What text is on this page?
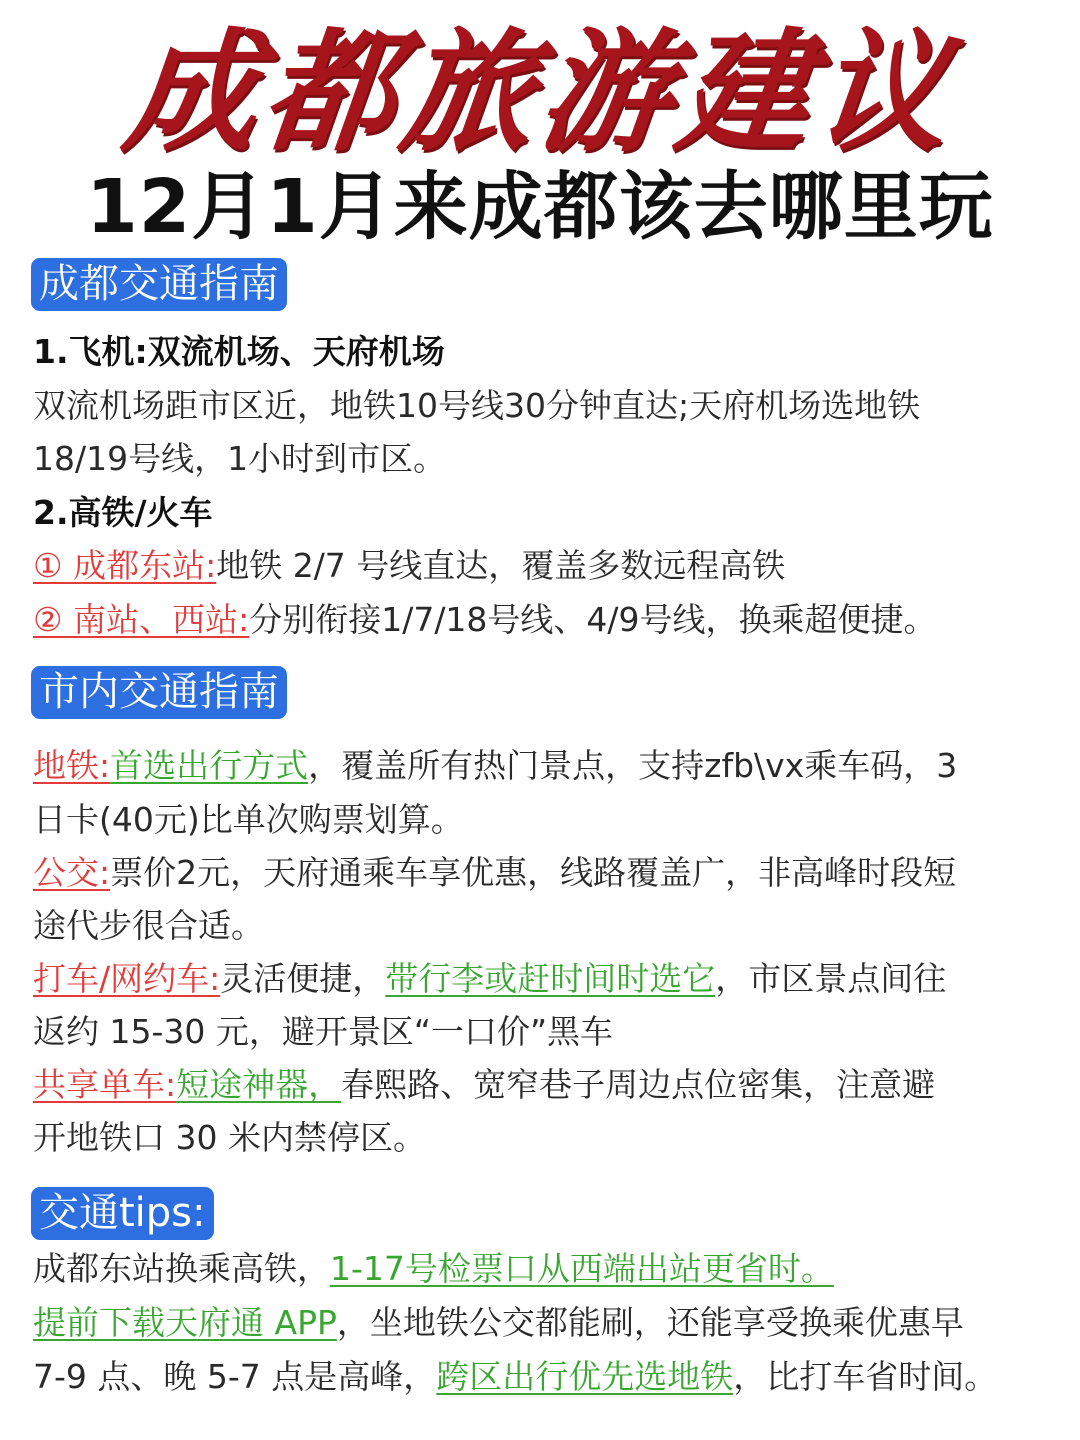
成都旅游建议
12月1月来成都该去哪里玩
成都交通指南
1.飞机:双流机场、天府机场
双流机场距市区近，地铁10号线30分钟直达;天府机场选地铁
18/19号线，1小时到市区。
2.高铁/火车
① 成都东站:地铁 2/7 号线直达，覆盖多数远程高铁
② 南站、西站:分别衔接1/7/18号线、4/9号线，换乘超便捷。
市内交通指南
地铁:首选出行方式，覆盖所有热门景点，支持zfb\vx乘车码，3
日卡(40元)比单次购票划算。
公交:票价2元，天府通乘车享优惠，线路覆盖广，非高峰时段短
途代步很合适。
打车/网约车:灵活便捷，带行李或赶时间时选它，市区景点间往
返约 15-30 元，避开景区“一口价”黑车
共享单车:短途神器，春熙路、宽窄巷子周边点位密集，注意避
开地铁口 30 米内禁停区。
交通tips:
成都东站换乘高铁，1-17号检票口从西端出站更省时。
提前下载天府通 APP，坐地铁公交都能刷，还能享受换乘优惠早
7-9 点、晚 5-7 点是高峰，跨区出行优先选地铁，比打车省时间。
